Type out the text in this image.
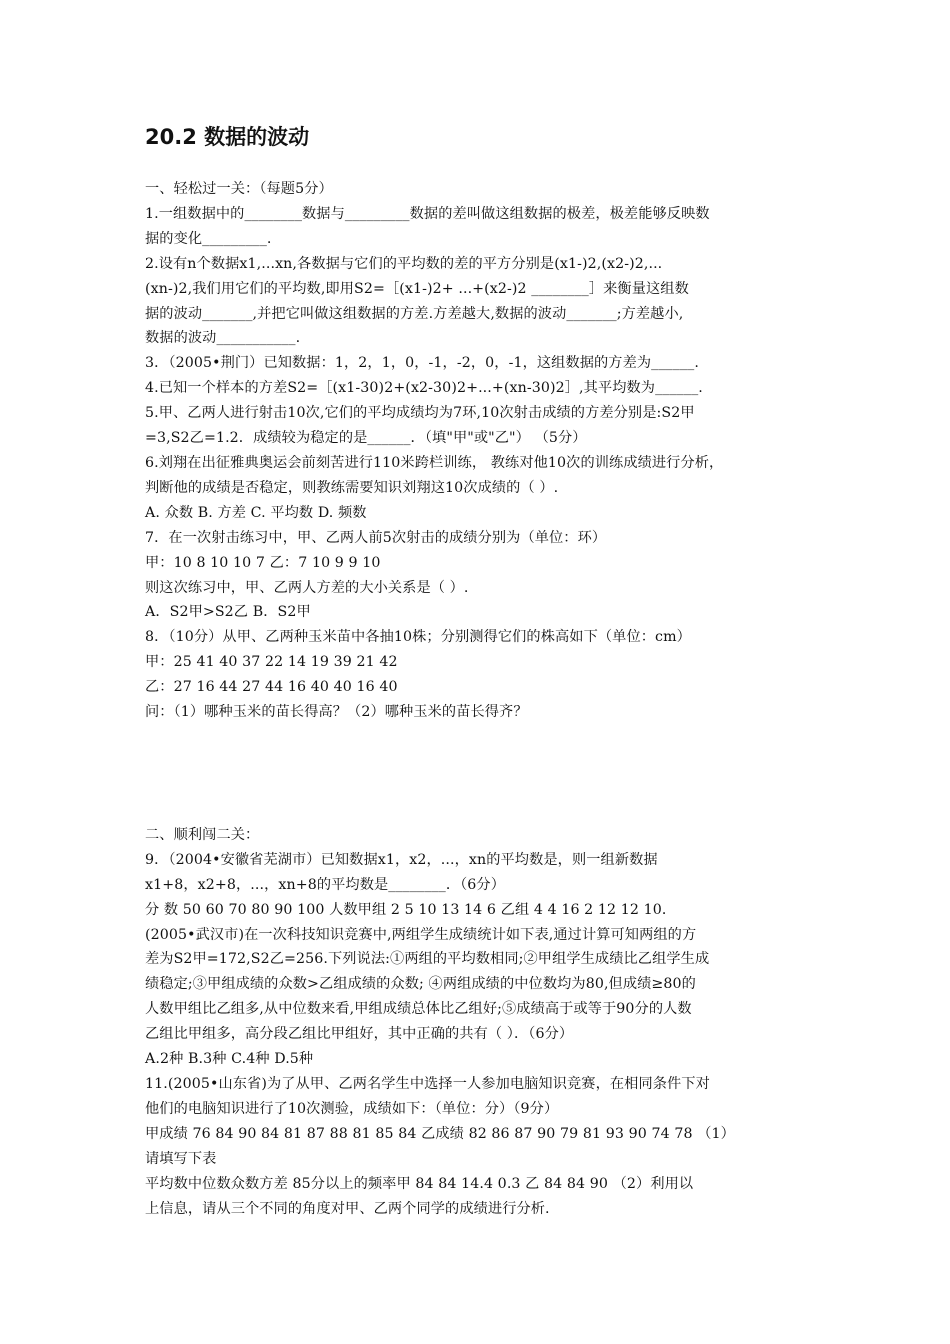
20.2 数据的波动
一、轻松过一关：（每题5分）
1.一组数据中的________数据与_________数据的差叫做这组数据的极差，极差能够反映数
据的变化_________.
2.设有n个数据x1,...xn,各数据与它们的平均数的差的平方分别是(x1-)2,(x2-)2,...
(xn-)2,我们用它们的平均数,即用S2=［(x1-)2+ ...+(x2-)2 ________］来衡量这组数
据的波动_______,并把它叫做这组数据的方差.方差越大,数据的波动_______;方差越小,
数据的波动___________.
3．（2005•荆门）已知数据：1，2，1，0，-1，-2，0，-1，这组数据的方差为______.
4.已知一个样本的方差S2=［(x1-30)2+(x2-30)2+...+(xn-30)2］,其平均数为______.
5.甲、乙两人进行射击10次,它们的平均成绩均为7环,10次射击成绩的方差分别是:S2甲
=3,S2乙=1.2．成绩较为稳定的是______．（填"甲"或"乙"） （5分）
6.刘翔在出征雅典奥运会前刻苦进行110米跨栏训练， 教练对他10次的训练成绩进行分析，
判断他的成绩是否稳定，则教练需要知识刘翔这10次成绩的（ ）.
A. 众数 B. 方差 C. 平均数 D. 频数
7．在一次射击练习中，甲、乙两人前5次射击的成绩分别为（单位：环）
甲：10 8 10 10 7 乙：7 10 9 9 10
则这次练习中，甲、乙两人方差的大小关系是（ ）.
A．S2甲>S2乙 B．S2甲
8．（10分）从甲、乙两种玉米苗中各抽10株；分别测得它们的株高如下（单位：cm）
甲：25 41 40 37 22 14 19 39 21 42
乙：27 16 44 27 44 16 40 40 16 40
问：（1）哪种玉米的苗长得高？（2）哪种玉米的苗长得齐？
二、顺利闯二关：
9．（2004•安徽省芜湖市）已知数据x1，x2，...，xn的平均数是，则一组新数据
x1+8，x2+8，...，xn+8的平均数是________．（6分）
分 数 50 60 70 80 90 100 人数甲组 2 5 10 13 14 6 乙组 4 4 16 2 12 12 10．
(2005•武汉市)在一次科技知识竞赛中,两组学生成绩统计如下表,通过计算可知两组的方
差为S2甲=172,S2乙=256.下列说法:①两组的平均数相同;②甲组学生成绩比乙组学生成
绩稳定;③甲组成绩的众数>乙组成绩的众数; ④两组成绩的中位数均为80,但成绩≥80的
人数甲组比乙组多,从中位数来看,甲组成绩总体比乙组好;⑤成绩高于或等于90分的人数
乙组比甲组多，高分段乙组比甲组好，其中正确的共有（ ）．（6分）
A.2种 B.3种 C.4种 D.5种
11.(2005•山东省)为了从甲、乙两名学生中选择一人参加电脑知识竞赛，在相同条件下对
他们的电脑知识进行了10次测验，成绩如下：（单位：分）（9分）
甲成绩 76 84 90 84 81 87 88 81 85 84 乙成绩 82 86 87 90 79 81 93 90 74 78 （1）
请填写下表
平均数中位数众数方差 85分以上的频率甲 84 84 14.4 0.3 乙 84 84 90 （2）利用以
上信息，请从三个不同的角度对甲、乙两个同学的成绩进行分析.
